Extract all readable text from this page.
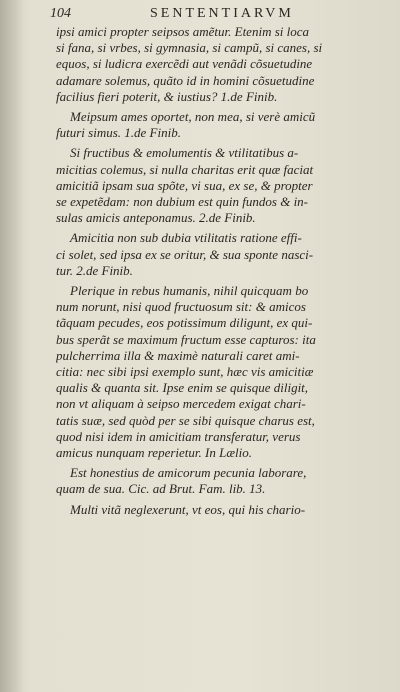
104	SENTENTIARVM

ipsi amici propter seipsos amẽtur. Etenim si loca
si fana, si vrbes, si gymnasia, si campũ, si canes, si
equos, si ludicra exercẽdi aut venãdi cõsuetudine
adamare solemus, quãto id in homini cõsuetudine
facilius fieri poterit, & iustius? 1.de Finib.

Meipsum ames oportet, non mea, si verè amicũ
futuri simus. 1.de Finib.

Si fructibus & emolumentis & vtilitatibus a-
micitias colemus, si nulla charitas erit quæ faciat
amicitiã ipsam sua spõte, vi sua, ex se, & propter
se expetẽdam: non dubium est quin fundos & in-
sulas amicis anteponamus. 2.de Finib.

Amicitia non sub dubia vtilitatis ratione effi-
ci solet, sed ipsa ex se oritur, & sua sponte nasci-
tur. 2.de Finib.

Plerique in rebus humanis, nihil quicquam bo
num norunt, nisi quod fructuosum sit: & amicos
tãquam pecudes, eos potissimum diligunt, ex qui-
bus sperãt se maximum fructum esse capturos: ita
pulcherrima illa & maximè naturali caret ami-
citia: nec sibi ipsi exemplo sunt, hæc vis amicitiæ
qualis & quanta sit. Ipse enim se quisque diligit,
non vt aliquam à seipso mercedem exigat chari-
tatis suæ, sed quòd per se sibi quisque charus est,
quod nisi idem in amicitiam transferatur, verus
amicus nunquam reperietur. In Lælio.

Est honestius de amicorum pecunia laborare,
quam de sua. Cic. ad Brut. Fam. lib. 13.

Multi vitã neglexerunt, vt eos, qui his chario-
